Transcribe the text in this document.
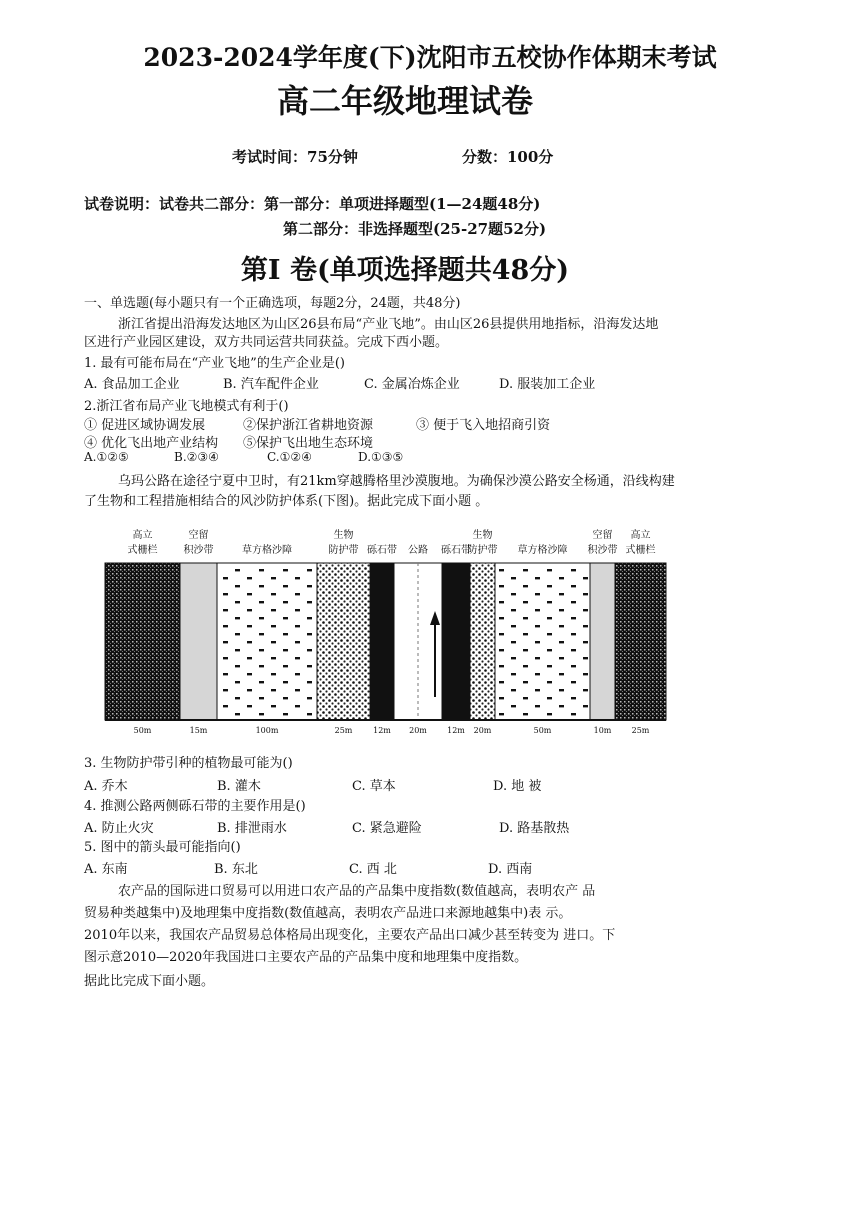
2023-2024学年度(下)沈阳市五校协作体期末考试
高二年级地理试卷
考试时间：75分钟	分数：100分
试卷说明：试卷共二部分：第一部分：单项进择题型(1—24题48分)
第二部分：非选择题型(25-27题52分)
第I 卷(单项选择题共48分)
一、单选题(每小题只有一个正确选项，每题2分，24题，共48分)
浙江省提出沿海发达地区为山区26县布局“产业飞地”。由山区26县提供用地指标，沿海发达地
区进行产业园区建设，双方共同运营共同获益。完成下西小题。
1. 最有可能布局在“产业飞地”的生产企业是()
A. 食品加工企业	B. 汽车配件企业	C. 金属冶炼企业	D. 服装加工企业
2.浙江省布局产业飞地模式有利于()
① 促进区域协调发展	②保护浙江省耕地资源	③ 便于飞入地招商引资
④ 优化飞出地产业结构 ⑤保护飞出地生态环境
A.①②⑤	B.②③④	C.①②④	D.①③⑤
乌玛公路在途径宁夏中卫时，有21km穿越腾格里沙漠腹地。为确保沙漠公路安全杨通，沿线构建
了生物和工程措施相结合的风沙防护体系(下图)。据此完成下面小题 。
高立
式栅栏
空留
积沙带	草方格沙障
生物
防护带 砾石带 公路 砾石带
生物
防护带 草方格沙障
空留
积沙带
高立
式栅栏
50m	15m	100m	25m	12m 20m	12m 20m	50m	10m	25m
3. 生物防护带引种的植物最可能为()
A. 乔木	B. 灌木	C. 草本	D. 地 被
4. 推测公路两侧砾石带的主要作用是()
A. 防止火灾	B. 排泄雨水	C. 紧急避险	D. 路基散热
5. 图中的箭头最可能指向()
A. 东南	B. 东北	C. 西 北	D. 西南
农产品的国际进口贸易可以用进口农产品的产品集中度指数(数值越高，表明农产 品
贸易种类越集中)及地理集中度指数(数值越高，表明农产品进口来源地越集中)表 示。
2010年以来，我国农产品贸易总体格局出现变化，主要农产品出口减少甚至转变为 进口。下
图示意2010—2020年我国进口主要农产品的产品集中度和地理集中度指数。
据此比完成下面小题。
